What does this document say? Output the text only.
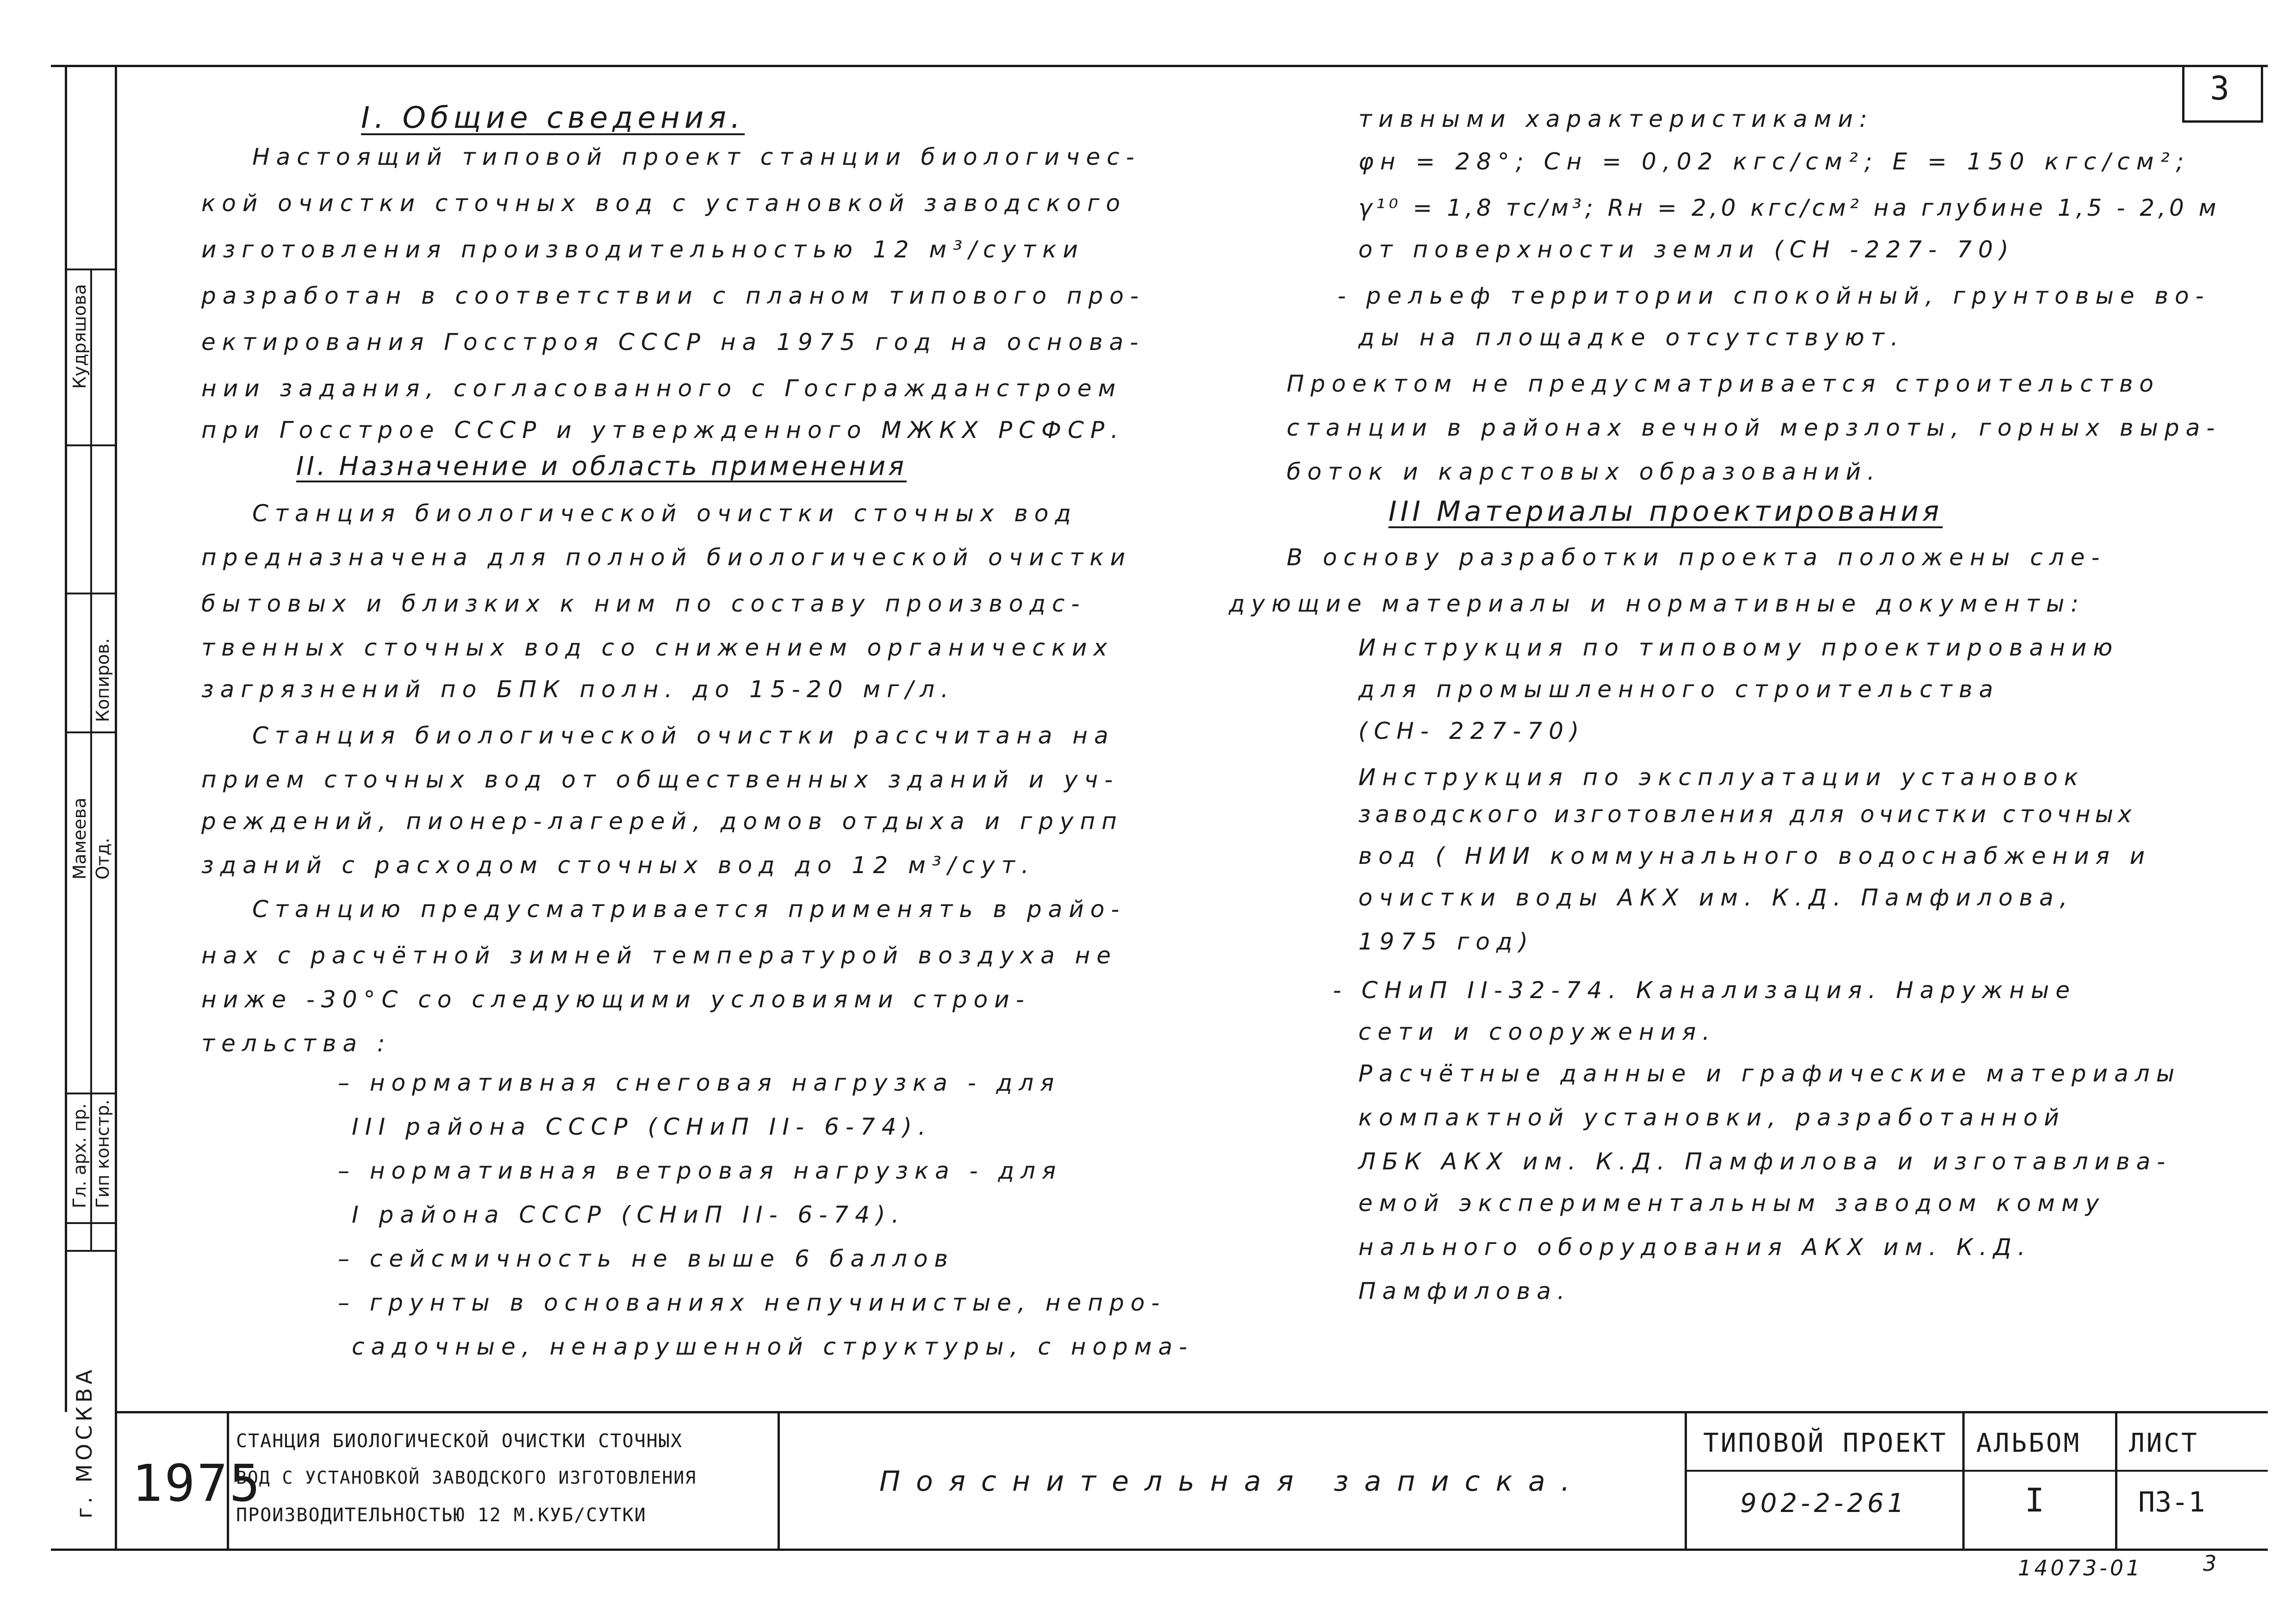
3
г. МОСКВА
Гл. арх. пр. Гип констр.
Мамеева Отд.
Копиров.
Кудряшова
I. Общие сведения.
Настоящий типовой проект станции биологичес-
кой очистки сточных вод с установкой заводского
изготовления производительностью 12 м³/сутки
разработан в соответствии с планом типового про-
ектирования Госстроя СССР на 1975 год на основа-
нии задания, согласованного с Госгражданстроем
при Госстрое СССР и утвержденного МЖКХ РСФСР.
II. Назначение и область применения
Станция биологической очистки сточных вод
предназначена для полной биологической очистки
бытовых и близких к ним по составу производс-
твенных сточных вод со снижением органических
загрязнений по БПК полн. до 15-20 мг/л.
Станция биологической очистки рассчитана на
прием сточных вод от общественных зданий и уч-
реждений, пионер-лагерей, домов отдыха и групп
зданий с расходом сточных вод до 12 м³/сут.
Станцию предусматривается применять в райо-
нах с расчётной зимней температурой воздуха не
ниже -30°С со следующими условиями строи-
тельства :
– нормативная снеговая нагрузка - для
III района СССР (СНиП II- 6-74).
– нормативная ветровая нагрузка - для
I района СССР (СНиП II- 6-74).
– сейсмичность не выше 6 баллов
– грунты в основаниях непучинистые, непро-
садочные, ненарушенной структуры, с норма-
тивными характеристиками:
φн = 28°; Сн = 0,02 кгс/см²; Е = 150 кгс/см²;
γ¹⁰ = 1,8 тс/м³; Rн = 2,0 кгс/см² на глубине 1,5 - 2,0 м
от поверхности земли (СН -227- 70)
- рельеф территории спокойный, грунтовые во-
ды на площадке отсутствуют.
Проектом не предусматривается строительство
станции в районах вечной мерзлоты, горных выра-
боток и карстовых образований.
III Материалы проектирования
В основу разработки проекта положены сле-
дующие материалы и нормативные документы:
Инструкция по типовому проектированию
для промышленного строительства
(СН- 227-70)
Инструкция по эксплуатации установок
заводского изготовления для очистки сточных
вод ( НИИ коммунального водоснабжения и
очистки воды АКХ им. К.Д. Памфилова,
1975 год)
- СНиП II-32-74. Канализация. Наружные
сети и сооружения.
Расчётные данные и графические материалы
компактной установки, разработанной
ЛБК АКХ им. К.Д. Памфилова и изготавлива-
емой экспериментальным заводом комму
нального оборудования АКХ им. К.Д.
Памфилова.
1975
СТАНЦИЯ БИОЛОГИЧЕСКОЙ ОЧИСТКИ СТОЧНЫХ
ВОД С УСТАНОВКОЙ ЗАВОДСКОГО ИЗГОТОВЛЕНИЯ
ПРОИЗВОДИТЕЛЬНОСТЬЮ 12 М.КУБ/СУТКИ
Пояснительная записка.
ТИПОВОЙ ПРОЕКТ
902-2-261
АЛЬБОМ
I
ЛИСТ
П3-1
14073-01	3
